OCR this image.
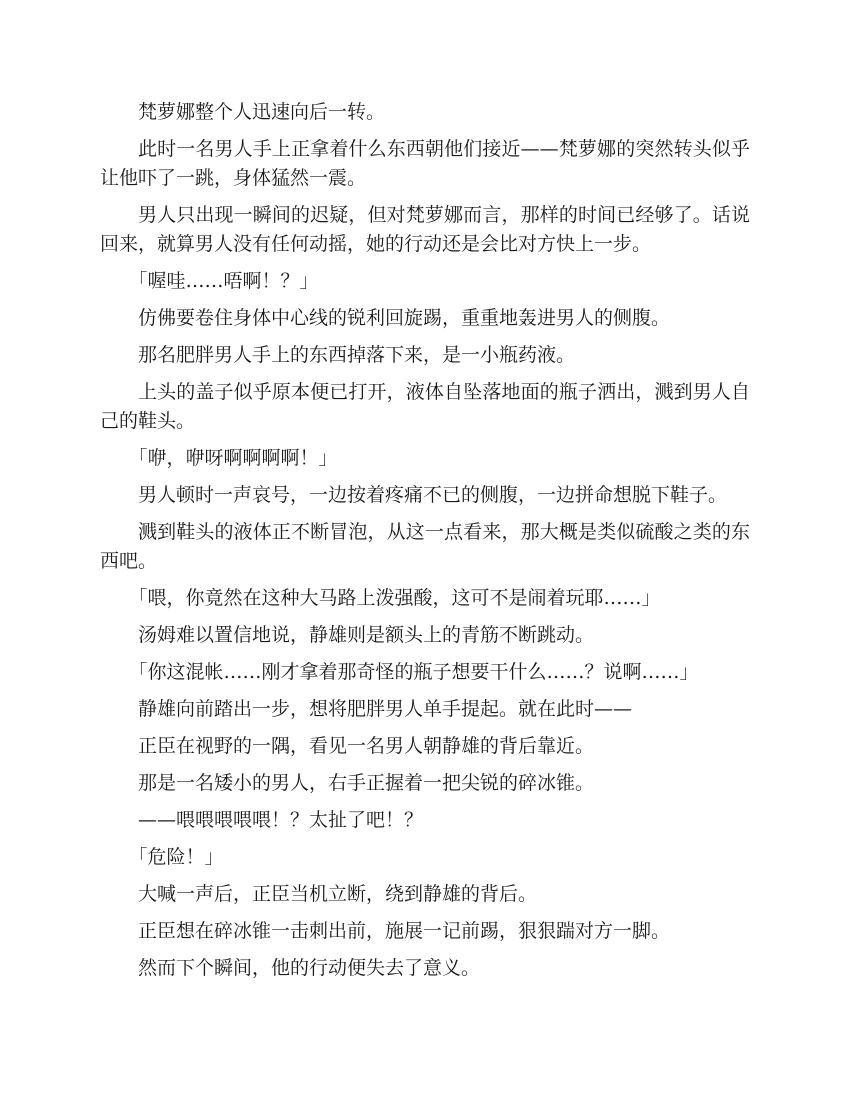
梵萝娜整个人迅速向后一转。

此时一名男人手上正拿着什么东西朝他们接近——梵萝娜的突然转头似乎让他吓了一跳，身体猛然一震。

男人只出现一瞬间的迟疑，但对梵萝娜而言，那样的时间已经够了。话说回来，就算男人没有任何动摇，她的行动还是会比对方快上一步。

「喔哇……唔啊！？」

仿佛要卷住身体中心线的锐利回旋踢，重重地轰进男人的侧腹。

那名肥胖男人手上的东西掉落下来，是一小瓶药液。

上头的盖子似乎原本便已打开，液体自坠落地面的瓶子洒出，溅到男人自己的鞋头。

「咿，咿呀啊啊啊啊！」

男人顿时一声哀号，一边按着疼痛不已的侧腹，一边拼命想脱下鞋子。

溅到鞋头的液体正不断冒泡，从这一点看来，那大概是类似硫酸之类的东西吧。

「喂，你竟然在这种大马路上泼强酸，这可不是闹着玩耶……」

汤姆难以置信地说，静雄则是额头上的青筋不断跳动。

「你这混帐……刚才拿着那奇怪的瓶子想要干什么……？说啊……」

静雄向前踏出一步，想将肥胖男人单手提起。就在此时——

正臣在视野的一隅，看见一名男人朝静雄的背后靠近。

那是一名矮小的男人，右手正握着一把尖锐的碎冰锥。

——喂喂喂喂喂！？太扯了吧！？

「危险！」

大喊一声后，正臣当机立断，绕到静雄的背后。

正臣想在碎冰锥一击刺出前，施展一记前踢，狠狠踹对方一脚。

然而下个瞬间，他的行动便失去了意义。
